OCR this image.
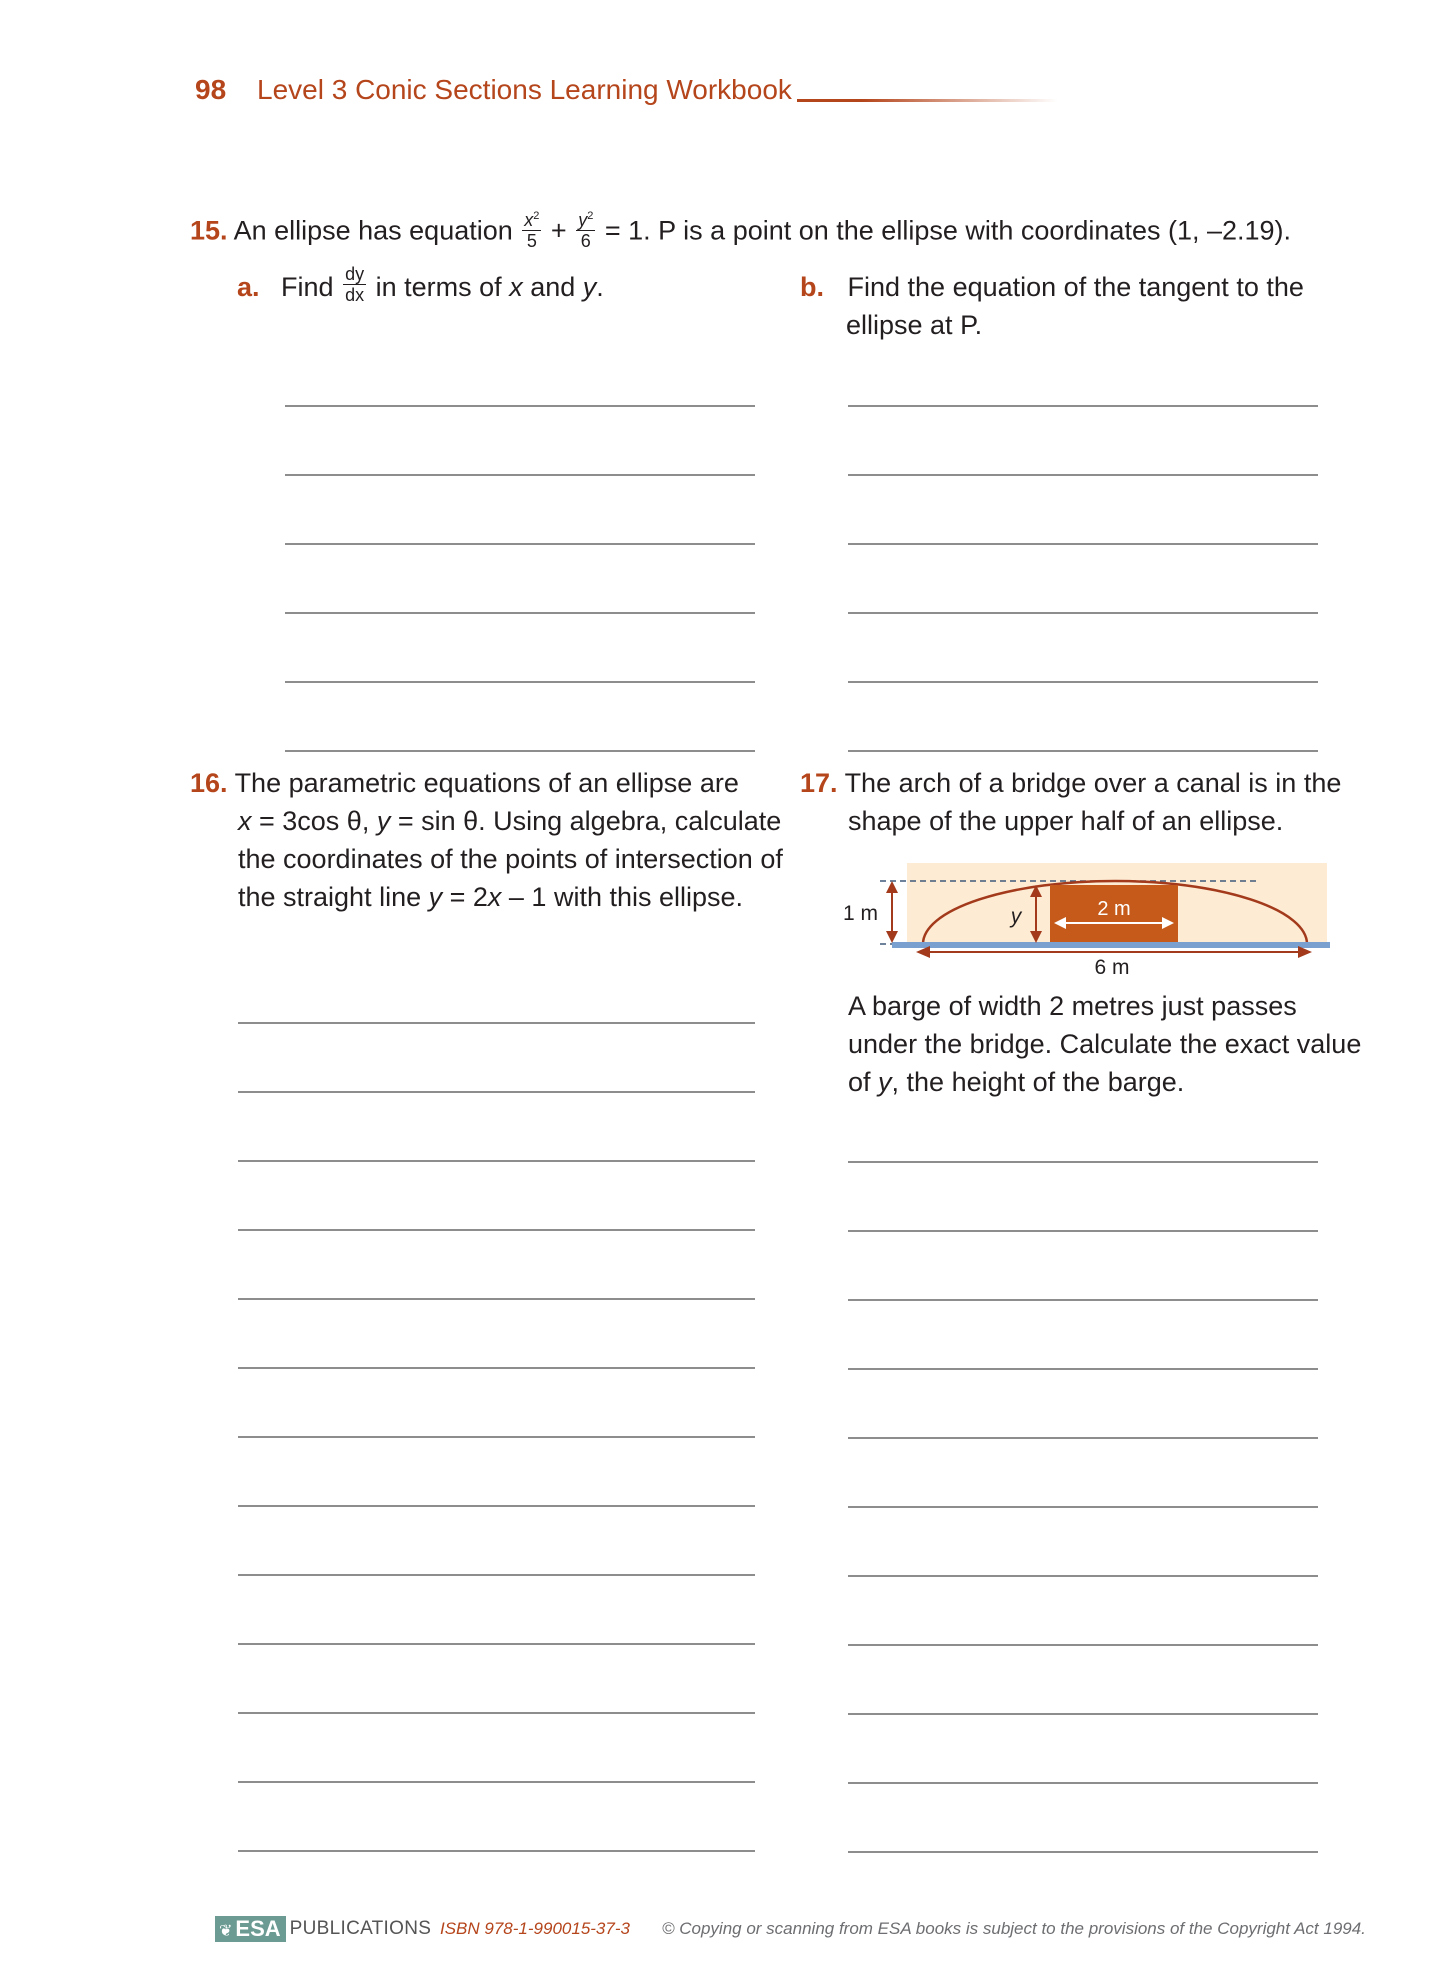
98 Level 3 Conic Sections Learning Workbook
15. An ellipse has equation $\frac{x^2}{5} + \frac{y^2}{6} = 1$. P is a point on the ellipse with coordinates (1, –2.19).
a. Find $\frac{dy}{dx}$ in terms of x and y.	b. Find the equation of the tangent to the
ellipse at P.
16. The parametric equations of an ellipse are
x = 3cos θ, y = sin θ. Using algebra, calculate
the coordinates of the points of intersection of
the straight line y = 2x – 1 with this ellipse.
17. The arch of a bridge over a canal is in the
shape of the upper half of an ellipse.
2 m
1 m	y
6 m
A barge of width 2 metres just passes
under the bridge. Calculate the exact value
of y, the height of the barge.
❦ ESA PUBLICATIONS ISBN 978-1-990015-37-3 © Copying or scanning from ESA books is subject to the provisions of the Copyright Act 1994.
